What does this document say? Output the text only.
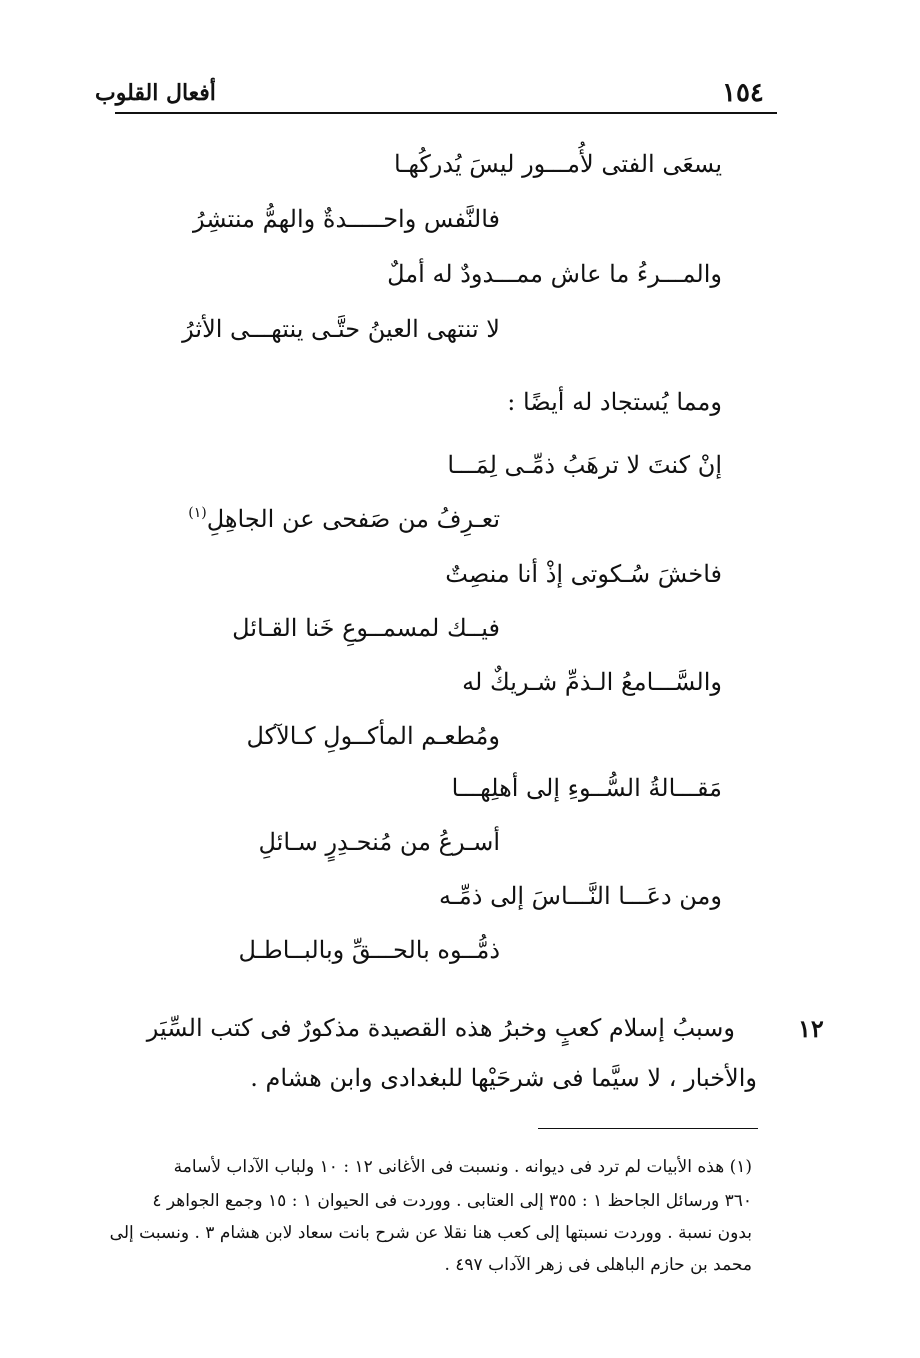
١٥٤
أفعال القلوب
يسعَى الفتى لأُمـــور ليسَ يُدركُهـا
فالنَّفس واحـــــدةٌ والهمُّ منتشِرُ
والمـــرءُ ما عاش ممـــدودٌ له أملٌ
لا تنتهى العينُ حتَّـى ينتهـــى الأثرُ
ومما يُستجاد له أيضًا :
إنْ كنتَ لا ترهَبُ ذمِّـى لِمَـــا
تعـرِفُ من صَفحى عن الجاهِلِ$^{(١)}$
فاخشَ سُـكوتى إذْ أنا منصِتٌ
فيــك لمسمــوعِ خَنا القـائل
والسَّـــامعُ الـذمِّ شـريكٌ له
ومُطعـم المأكــولِ كـالآكل
مَقـــالةُ السُّــوءِ إلى أهلِهـــا
أسـرعُ من مُنحـدِرٍ سـائلِ
ومن دعَـــا النَّـــاسَ إلى ذمِّـه
ذمُّــوه بالحـــقِّ وبالبــاطـل
١٢
وسببُ إسلام كعبٍ وخبرُ هذه القصيدة مذكورٌ فى كتب السِّيَر
والأخبار ، لا سيَّما فى شرحَيْها للبغدادى وابن هشام .
(١) هذه الأبيات لم ترد فى ديوانه . ونسبت فى الأغانى ١٢ : ١٠ ولباب الآداب لأسامة
٣٦٠ ورسائل الجاحظ ١ : ٣٥٥ إلى العتابى . ووردت فى الحيوان ١ : ١٥ وجمع الجواهر ٤
بدون نسبة . ووردت نسبتها إلى كعب هنا نقلا عن شرح بانت سعاد لابن هشام ٣ . ونسبت إلى
محمد بن حازم الباهلى فى زهر الآداب ٤٩٧ .
